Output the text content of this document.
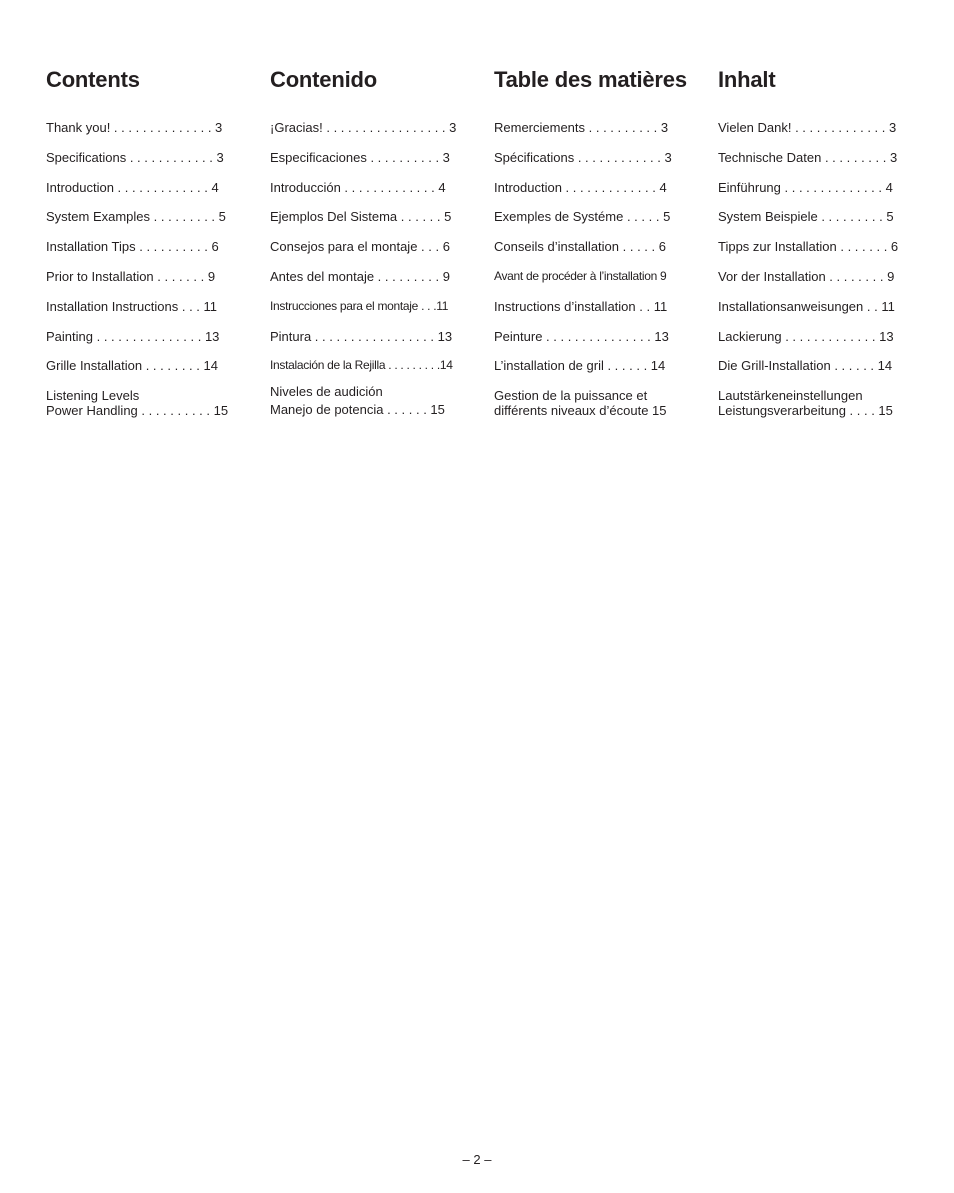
Contents
Thank you! . . . . . . . . . . . . . . 3
Specifications . . . . . . . . . . . . 3
Introduction . . . . . . . . . . . . . 4
System Examples . . . . . . . . . 5
Installation Tips . . . . . . . . . . 6
Prior to Installation . . . . . . . 9
Installation Instructions . . . 11
Painting . . . . . . . . . . . . . . . 13
Grille Installation . . . . . . . . 14
Listening Levels
Power Handling . . . . . . . . . . 15
Contenido
¡Gracias! . . . . . . . . . . . . . . . . . 3
Especificaciones . . . . . . . . . . 3
Introducción . . . . . . . . . . . . . 4
Ejemplos Del Sistema . . . . . . 5
Consejos para el montaje . . . 6
Antes del montaje . . . . . . . . . 9
Instrucciones para el montaje . . .11
Pintura . . . . . . . . . . . . . . . . . 13
Instalación de la Rejilla . . . . . . . . .14
Niveles de audición
Manejo de potencia . . . . . . 15
Table des matières
Remerciements . . . . . . . . . . 3
Spécifications . . . . . . . . . . . . 3
Introduction . . . . . . . . . . . . . 4
Exemples de Systéme . . . . . 5
Conseils d’installation . . . . . 6
Avant de procéder à l’installation 9
Instructions d’installation . . 11
Peinture . . . . . . . . . . . . . . . 13
L’installation de gril . . . . . . 14
Gestion de la puissance et
différents niveaux d’écoute 15
Inhalt
Vielen Dank! . . . . . . . . . . . . . 3
Technische Daten . . . . . . . . . 3
Einführung . . . . . . . . . . . . . . 4
System Beispiele . . . . . . . . . 5
Tipps zur Installation . . . . . . . 6
Vor der Installation . . . . . . . . 9
Installationsanweisungen . . 11
Lackierung . . . . . . . . . . . . . 13
Die Grill-Installation . . . . . . 14
Lautstärkeneinstellungen
Leistungsverarbeitung . . . . 15
– 2 –
